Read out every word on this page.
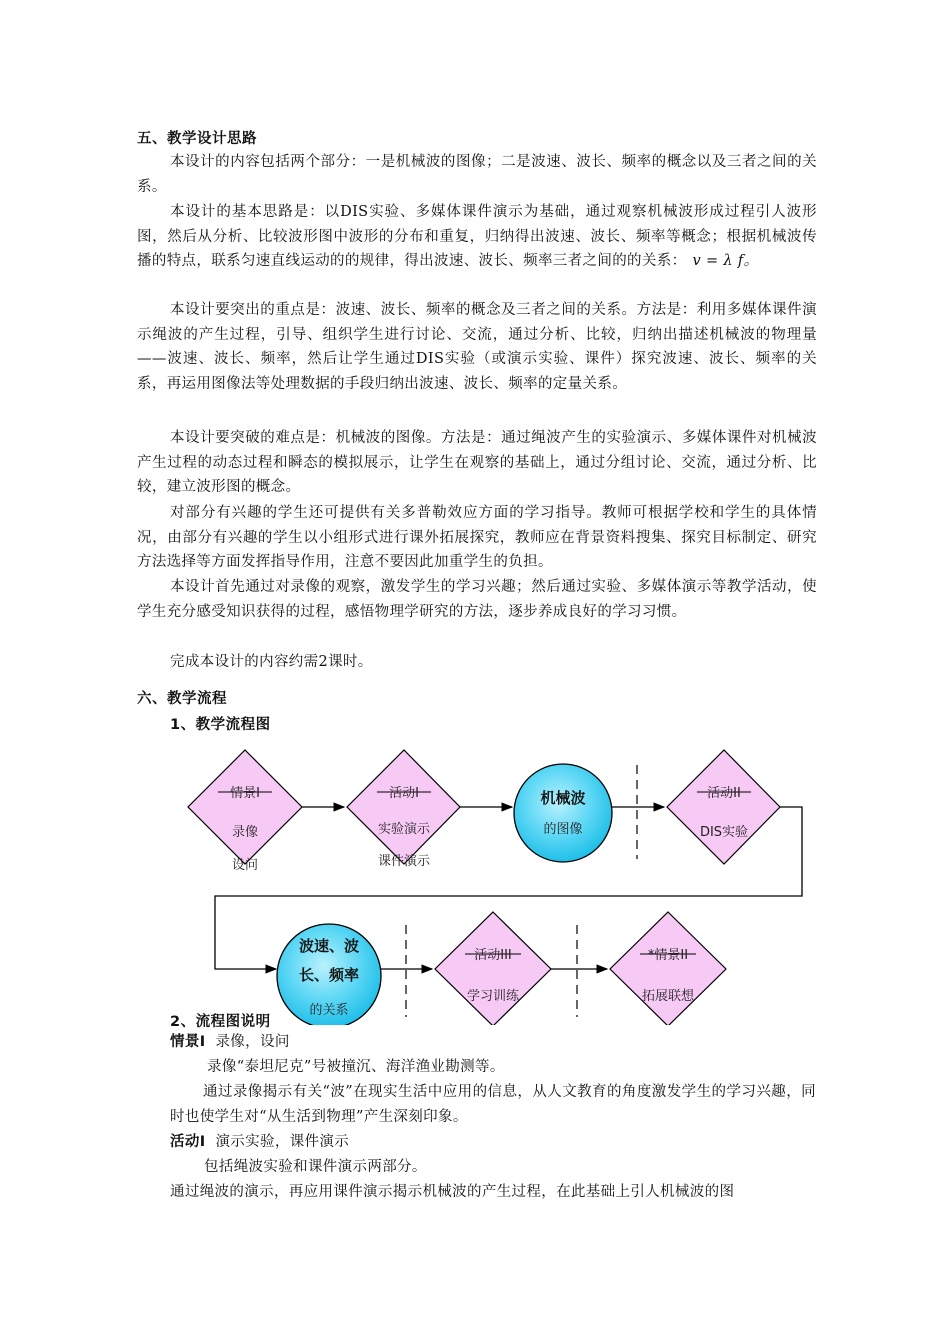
五、教学设计思路
本设计的内容包括两个部分：一是机械波的图像；二是波速、波长、频率的概念以及三者之间的关系。
本设计的基本思路是：以DIS实验、多媒体课件演示为基础，通过观察机械波形成过程引人波形图，然后从分析、比较波形图中波形的分布和重复，归纳得出波速、波长、频率等概念；根据机械波传播的特点，联系匀速直线运动的的规律，得出波速、波长、频率三者之间的的关系： v = λ f。
本设计要突出的重点是：波速、波长、频率的概念及三者之间的关系。方法是：利用多媒体课件演示绳波的产生过程，引导、组织学生进行讨论、交流，通过分析、比较，归纳出描述机械波的物理量　——波速、波长、频率，然后让学生通过DIS实验（或演示实验、课件）探究波速、波长、频率的关系，再运用图像法等处理数据的手段归纳出波速、波长、频率的定量关系。
本设计要突破的难点是：机械波的图像。方法是：通过绳波产生的实验演示、多媒体课件对机械波产生过程的动态过程和瞬态的模拟展示，让学生在观察的基础上，通过分组讨论、交流，通过分析、比较，建立波形图的概念。
对部分有兴趣的学生还可提供有关多普勒效应方面的学习指导。教师可根据学校和学生的具体情况，由部分有兴趣的学生以小组形式进行课外拓展探究，教师应在背景资料搜集、探究目标制定、研究方法选择等方面发挥指导作用，注意不要因此加重学生的负担。
本设计首先通过对录像的观察，激发学生的学习兴趣；然后通过实验、多媒体演示等教学活动，使学生充分感受知识获得的过程，感悟物理学研究的方法，逐步养成良好的学习习惯。
完成本设计的内容约需2课时。
六、教学流程
1、教学流程图
情景I
录像
设问
活动I
实验演示
课件演示
机械波
的图像
活动II
DIS实验
波速、波
长、频率
的关系
活动III
学习训练
*情景II
拓展联想
2、流程图说明
情景Ⅰ 录像，设问
录像“泰坦尼克”号被撞沉、海洋渔业勘测等。
通过录像揭示有关“波”在现实生活中应用的信息，从人文教育的角度激发学生的学习兴趣，同时也使学生对“从生活到物理”产生深刻印象。
活动Ⅰ 演示实验，课件演示
包括绳波实验和课件演示两部分。
通过绳波的演示，再应用课件演示揭示机械波的产生过程，在此基础上引人机械波的图
